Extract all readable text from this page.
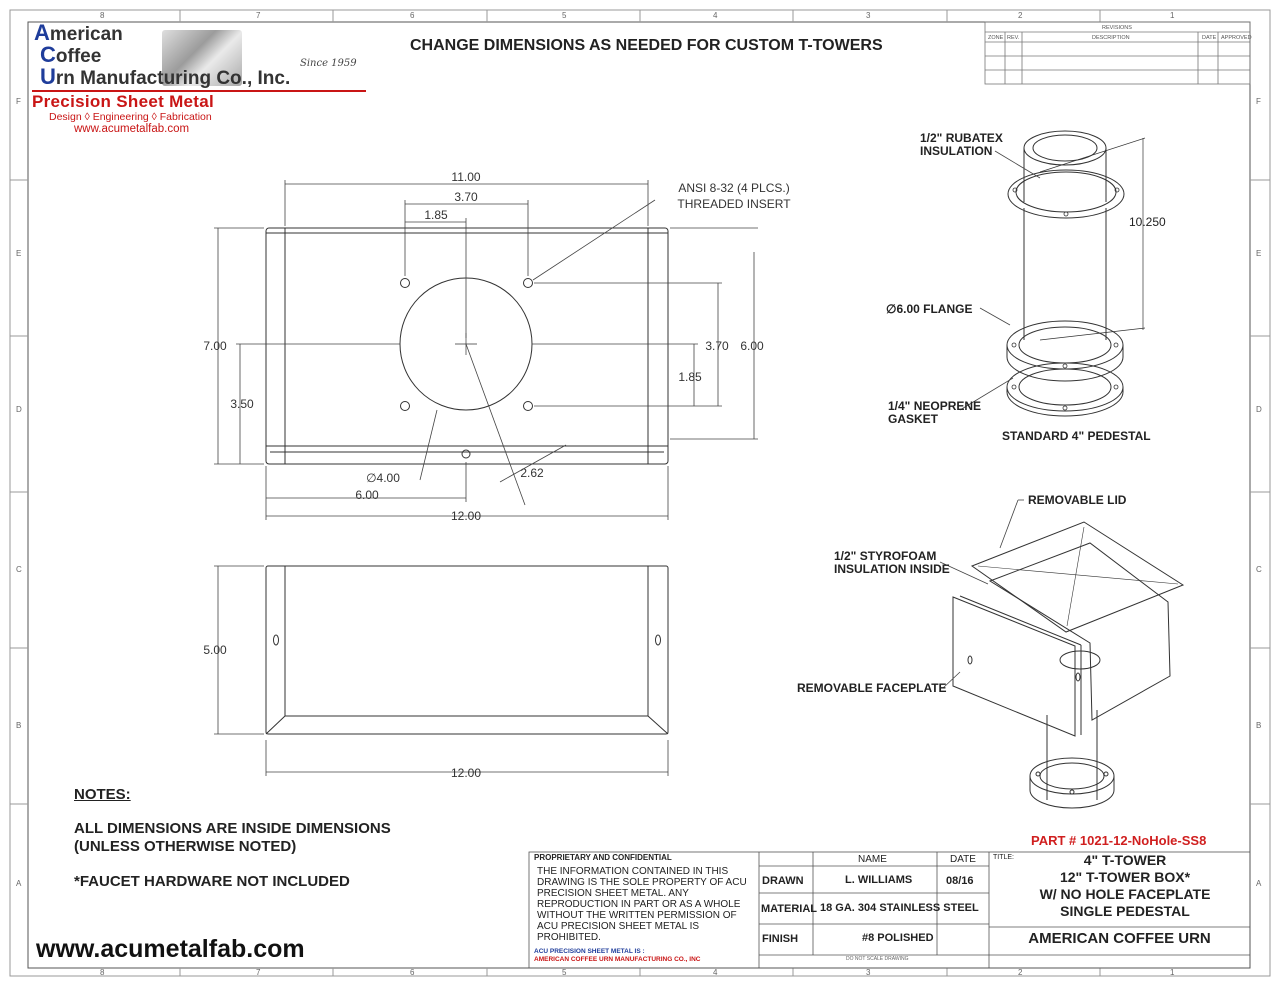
8	7	6	5	4	3	2	1
8	7	6	5	4	3	2	1
F
E
D
C
B
A
F
E
D
C
B
A
REVISIONS
ZONE REV.	DESCRIPTION	DATE APPROVED
11.00
3.70
1.85
7.00
3.50
3.70 6.00
1.85
∅4.00
6.00
2.62
12.00
ANSI 8-32 (4 PLCS.)
THREADED INSERT
5.00
12.00
1/2" RUBATEX
INSULATION
10.250
∅6.00 FLANGE
1/4" NEOPRENE
GASKET
STANDARD 4" PEDESTAL
REMOVABLE LID
1/2" STYROFOAM
INSULATION INSIDE
REMOVABLE FACEPLATE
American
Coffee
Urn Manufacturing Co., Inc.
Since 1959
Precision Sheet Metal
Design ◊ Engineering ◊ Fabrication
www.acumetalfab.com
CHANGE DIMENSIONS AS NEEDED FOR CUSTOM T-TOWERS
NOTES:
ALL DIMENSIONS ARE INSIDE DIMENSIONS
(UNLESS OTHERWISE NOTED)
*FAUCET HARDWARE NOT INCLUDED
www.acumetalfab.com
PART # 1021-12-NoHole-SS8
PROPRIETARY AND CONFIDENTIAL
THE INFORMATION CONTAINED IN THIS DRAWING IS THE SOLE PROPERTY OF ACU PRECISION SHEET METAL. ANY REPRODUCTION IN PART OR AS A WHOLE WITHOUT THE WRITTEN PERMISSION OF ACU PRECISION SHEET METAL IS PROHIBITED.
ACU PRECISION SHEET METAL IS :
AMERICAN COFFEE URN MANUFACTURING CO., INC
NAME	DATE
DRAWN	L. WILLIAMS	08/16
MATERIAL 18 GA. 304 STAINLESS STEEL
FINISH	#8 POLISHED
DO NOT SCALE DRAWING
TITLE:	4" T-TOWER
12" T-TOWER BOX*
W/ NO HOLE FACEPLATE
SINGLE PEDESTAL
AMERICAN COFFEE URN
